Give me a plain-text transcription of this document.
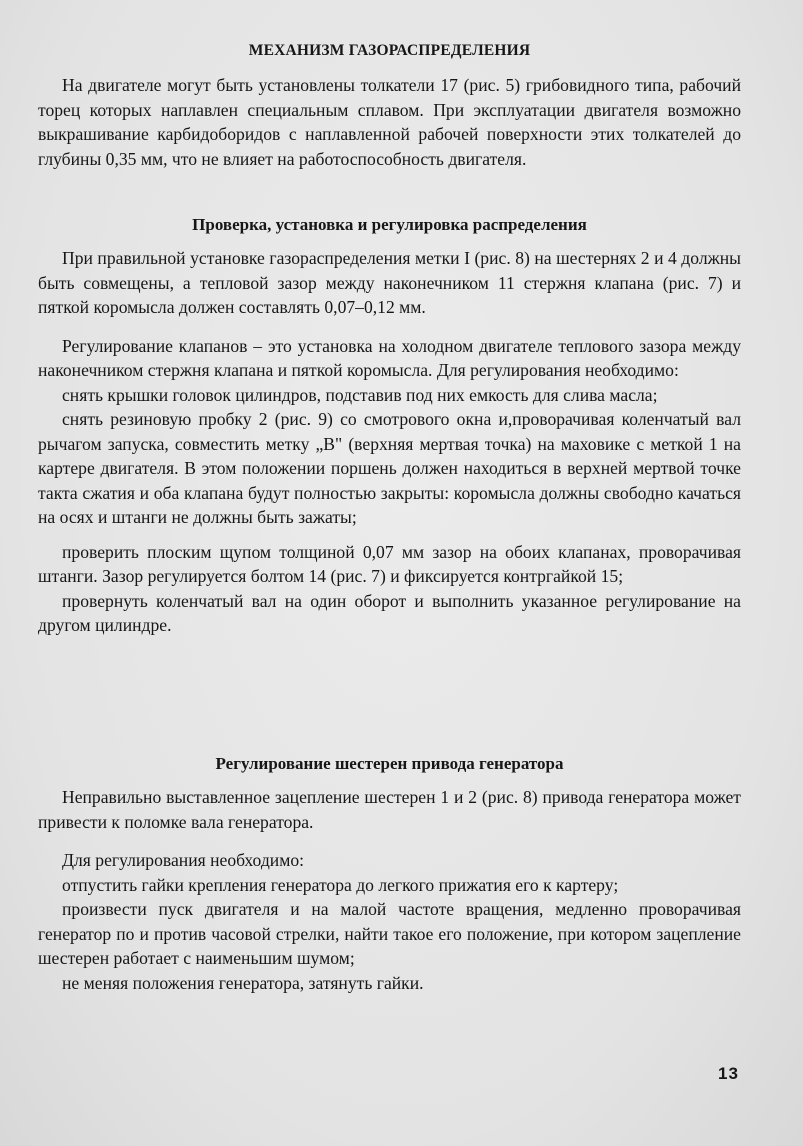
МЕХАНИЗМ ГАЗОРАСПРЕДЕЛЕНИЯ

На двигателе могут быть установлены толкатели 17 (рис. 5) грибовидного типа, рабочий торец которых наплавлен специальным сплавом. При эксплуатации двигателя возможно выкрашивание карбидоборидов с наплавленной рабочей поверхности этих толкателей до глубины 0,35 мм, что не влияет на работоспособность двигателя.

Проверка, установка и регулировка распределения

При правильной установке газораспределения метки I (рис. 8) на шестернях 2 и 4 должны быть совмещены, а тепловой зазор между наконечником 11 стержня клапана (рис. 7) и пяткой коромысла должен составлять 0,07–0,12 мм.

Регулирование клапанов – это установка на холодном двигателе теплового зазора между наконечником стержня клапана и пяткой коромысла. Для регулирования необходимо:

снять крышки головок цилиндров, подставив под них емкость для слива масла;

снять резиновую пробку 2 (рис. 9) со смотрового окна и,проворачивая коленчатый вал рычагом запуска, совместить метку „В" (верхняя мертвая точка) на маховике с меткой 1 на картере двигателя. В этом положении поршень должен находиться в верхней мертвой точке такта сжатия и оба клапана будут полностью закрыты: коромысла должны свободно качаться на осях и штанги не должны быть зажаты;

проверить плоским щупом толщиной 0,07 мм зазор на обоих клапанах, проворачивая штанги. Зазор регулируется болтом 14 (рис. 7) и фиксируется контргайкой 15;

провернуть коленчатый вал на один оборот и выполнить указанное регулирование на другом цилиндре.

Регулирование шестерен привода генератора

Неправильно выставленное зацепление шестерен 1 и 2 (рис. 8) привода генератора может привести к поломке вала генератора.

Для регулирования необходимо:

отпустить гайки крепления генератора до легкого прижатия его к картеру;

произвести пуск двигателя и на малой частоте вращения, медленно проворачивая генератор по и против часовой стрелки, найти такое его положение, при котором зацепление шестерен работает с наименьшим шумом;

не меняя положения генератора, затянуть гайки.

13
